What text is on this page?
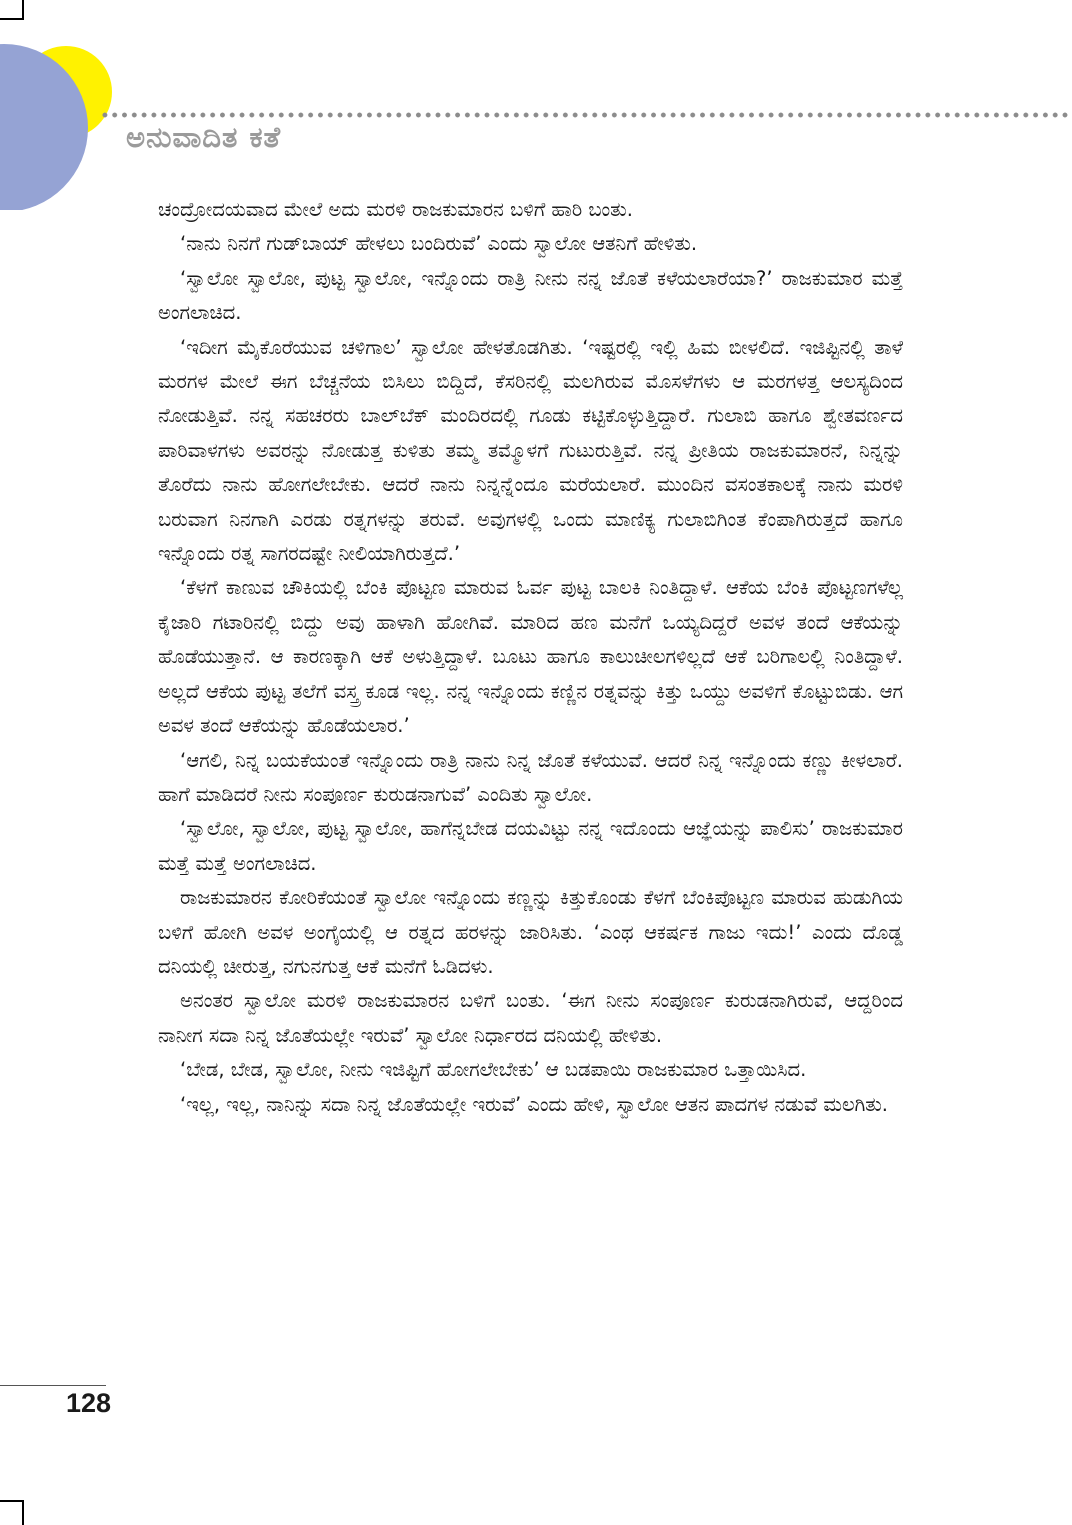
ಅನುವಾದಿತ ಕತೆ

ಚಂದ್ರೋದಯವಾದ ಮೇಲೆ ಅದು ಮರಳಿ ರಾಜಕುಮಾರನ ಬಳಿಗೆ ಹಾರಿ ಬಂತು.

‘ನಾನು ನಿನಗೆ ಗುಡ್‌ಬಾಯ್ ಹೇಳಲು ಬಂದಿರುವೆ’ ಎಂದು ಸ್ವಾಲೋ ಆತನಿಗೆ ಹೇಳಿತು.

‘ಸ್ವಾಲೋ ಸ್ವಾಲೋ, ಪುಟ್ಟ ಸ್ವಾಲೋ, ಇನ್ನೊಂದು ರಾತ್ರಿ ನೀನು ನನ್ನ ಜೊತೆ ಕಳೆಯಲಾರೆಯಾ?’ ರಾಜಕುಮಾರ ಮತ್ತೆ ಅಂಗಲಾಚಿದ.

‘ಇದೀಗ ಮೈಕೊರೆಯುವ ಚಳಿಗಾಲ’ ಸ್ವಾಲೋ ಹೇಳತೊಡಗಿತು. ‘ಇಷ್ಟರಲ್ಲಿ ಇಲ್ಲಿ ಹಿಮ ಬೀಳಲಿದೆ. ಇಜಿಪ್ಟಿನಲ್ಲಿ ತಾಳೆ ಮರಗಳ ಮೇಲೆ ಈಗ ಬೆಚ್ಚನೆಯ ಬಿಸಿಲು ಬಿದ್ದಿದೆ, ಕೆಸರಿನಲ್ಲಿ ಮಲಗಿರುವ ಮೊಸಳೆಗಳು ಆ ಮರಗಳತ್ತ ಆಲಸ್ಯದಿಂದ ನೋಡುತ್ತಿವೆ. ನನ್ನ ಸಹಚರರು ಬಾಲ್‌ಬೆಕ್ ಮಂದಿರದಲ್ಲಿ ಗೂಡು ಕಟ್ಟಿಕೊಳ್ಳುತ್ತಿದ್ದಾರೆ. ಗುಲಾಬಿ ಹಾಗೂ ಶ್ವೇತವರ್ಣದ ಪಾರಿವಾಳಗಳು ಅವರನ್ನು ನೋಡುತ್ತ ಕುಳಿತು ತಮ್ಮ ತಮ್ಮೊಳಗೆ ಗುಟುರುತ್ತಿವೆ. ನನ್ನ ಪ್ರೀತಿಯ ರಾಜಕುಮಾರನೆ, ನಿನ್ನನ್ನು ತೊರೆದು ನಾನು ಹೋಗಲೇಬೇಕು. ಆದರೆ ನಾನು ನಿನ್ನನ್ನೆಂದೂ ಮರೆಯಲಾರೆ. ಮುಂದಿನ ವಸಂತಕಾಲಕ್ಕೆ ನಾನು ಮರಳಿ ಬರುವಾಗ ನಿನಗಾಗಿ ಎರಡು ರತ್ನಗಳನ್ನು ತರುವೆ. ಅವುಗಳಲ್ಲಿ ಒಂದು ಮಾಣಿಕ್ಯ ಗುಲಾಬಿಗಿಂತ ಕೆಂಪಾಗಿರುತ್ತದೆ ಹಾಗೂ ಇನ್ನೊಂದು ರತ್ನ ಸಾಗರದಷ್ಟೇ ನೀಲಿಯಾಗಿರುತ್ತದೆ.’

‘ಕೆಳಗೆ ಕಾಣುವ ಚೌಕಿಯಲ್ಲಿ ಬೆಂಕಿ ಪೊಟ್ಟಣ ಮಾರುವ ಓರ್ವ ಪುಟ್ಟ ಬಾಲಕಿ ನಿಂತಿದ್ದಾಳೆ. ಆಕೆಯ ಬೆಂಕಿ ಪೊಟ್ಟಣಗಳೆಲ್ಲ ಕೈಜಾರಿ ಗಟಾರಿನಲ್ಲಿ ಬಿದ್ದು ಅವು ಹಾಳಾಗಿ ಹೋಗಿವೆ. ಮಾರಿದ ಹಣ ಮನೆಗೆ ಒಯ್ಯದಿದ್ದರೆ ಅವಳ ತಂದೆ ಆಕೆಯನ್ನು ಹೊಡೆಯುತ್ತಾನೆ. ಆ ಕಾರಣಕ್ಕಾಗಿ ಆಕೆ ಅಳುತ್ತಿದ್ದಾಳೆ. ಬೂಟು ಹಾಗೂ ಕಾಲುಚೀಲಗಳಿಲ್ಲದೆ ಆಕೆ ಬರಿಗಾಲಲ್ಲಿ ನಿಂತಿದ್ದಾಳೆ. ಅಲ್ಲದೆ ಆಕೆಯ ಪುಟ್ಟ ತಲೆಗೆ ವಸ್ತ್ರ ಕೂಡ ಇಲ್ಲ. ನನ್ನ ಇನ್ನೊಂದು ಕಣ್ಣಿನ ರತ್ನವನ್ನು ಕಿತ್ತು ಒಯ್ದು ಅವಳಿಗೆ ಕೊಟ್ಟುಬಿಡು. ಆಗ ಅವಳ ತಂದೆ ಆಕೆಯನ್ನು ಹೊಡೆಯಲಾರ.’

‘ಆಗಲಿ, ನಿನ್ನ ಬಯಕೆಯಂತೆ ಇನ್ನೊಂದು ರಾತ್ರಿ ನಾನು ನಿನ್ನ ಜೊತೆ ಕಳೆಯುವೆ. ಆದರೆ ನಿನ್ನ ಇನ್ನೊಂದು ಕಣ್ಣು ಕೀಳಲಾರೆ. ಹಾಗೆ ಮಾಡಿದರೆ ನೀನು ಸಂಪೂರ್ಣ ಕುರುಡನಾಗುವೆ’ ಎಂದಿತು ಸ್ವಾಲೋ.

‘ಸ್ವಾಲೋ, ಸ್ವಾಲೋ, ಪುಟ್ಟ ಸ್ವಾಲೋ, ಹಾಗೆನ್ನಬೇಡ ದಯವಿಟ್ಟು ನನ್ನ ಇದೊಂದು ಆಜ್ಞೆಯನ್ನು ಪಾಲಿಸು’ ರಾಜಕುಮಾರ ಮತ್ತೆ ಮತ್ತೆ ಅಂಗಲಾಚಿದ.

ರಾಜಕುಮಾರನ ಕೋರಿಕೆಯಂತೆ ಸ್ವಾಲೋ ಇನ್ನೊಂದು ಕಣ್ಣನ್ನು ಕಿತ್ತುಕೊಂಡು ಕೆಳಗೆ ಬೆಂಕಿಪೊಟ್ಟಣ ಮಾರುವ ಹುಡುಗಿಯ ಬಳಿಗೆ ಹೋಗಿ ಅವಳ ಅಂಗೈಯಲ್ಲಿ ಆ ರತ್ನದ ಹರಳನ್ನು ಜಾರಿಸಿತು. ‘ಎಂಥ ಆಕರ್ಷಕ ಗಾಜು ಇದು!’ ಎಂದು ದೊಡ್ಡ ದನಿಯಲ್ಲಿ ಚೀರುತ್ತ, ನಗುನಗುತ್ತ ಆಕೆ ಮನೆಗೆ ಓಡಿದಳು.

ಅನಂತರ ಸ್ವಾಲೋ ಮರಳಿ ರಾಜಕುಮಾರನ ಬಳಿಗೆ ಬಂತು. ‘ಈಗ ನೀನು ಸಂಪೂರ್ಣ ಕುರುಡನಾಗಿರುವೆ, ಆದ್ದರಿಂದ ನಾನೀಗ ಸದಾ ನಿನ್ನ ಜೊತೆಯಲ್ಲೇ ಇರುವೆ’ ಸ್ವಾಲೋ ನಿರ್ಧಾರದ ದನಿಯಲ್ಲಿ ಹೇಳಿತು.

‘ಬೇಡ, ಬೇಡ, ಸ್ವಾಲೋ, ನೀನು ಇಜಿಪ್ಟಿಗೆ ಹೋಗಲೇಬೇಕು’ ಆ ಬಡಪಾಯಿ ರಾಜಕುಮಾರ ಒತ್ತಾಯಿಸಿದ.

‘ಇಲ್ಲ, ಇಲ್ಲ, ನಾನಿನ್ನು ಸದಾ ನಿನ್ನ ಜೊತೆಯಲ್ಲೇ ಇರುವೆ’ ಎಂದು ಹೇಳಿ, ಸ್ವಾಲೋ ಆತನ ಪಾದಗಳ ನಡುವೆ ಮಲಗಿತು.

128
